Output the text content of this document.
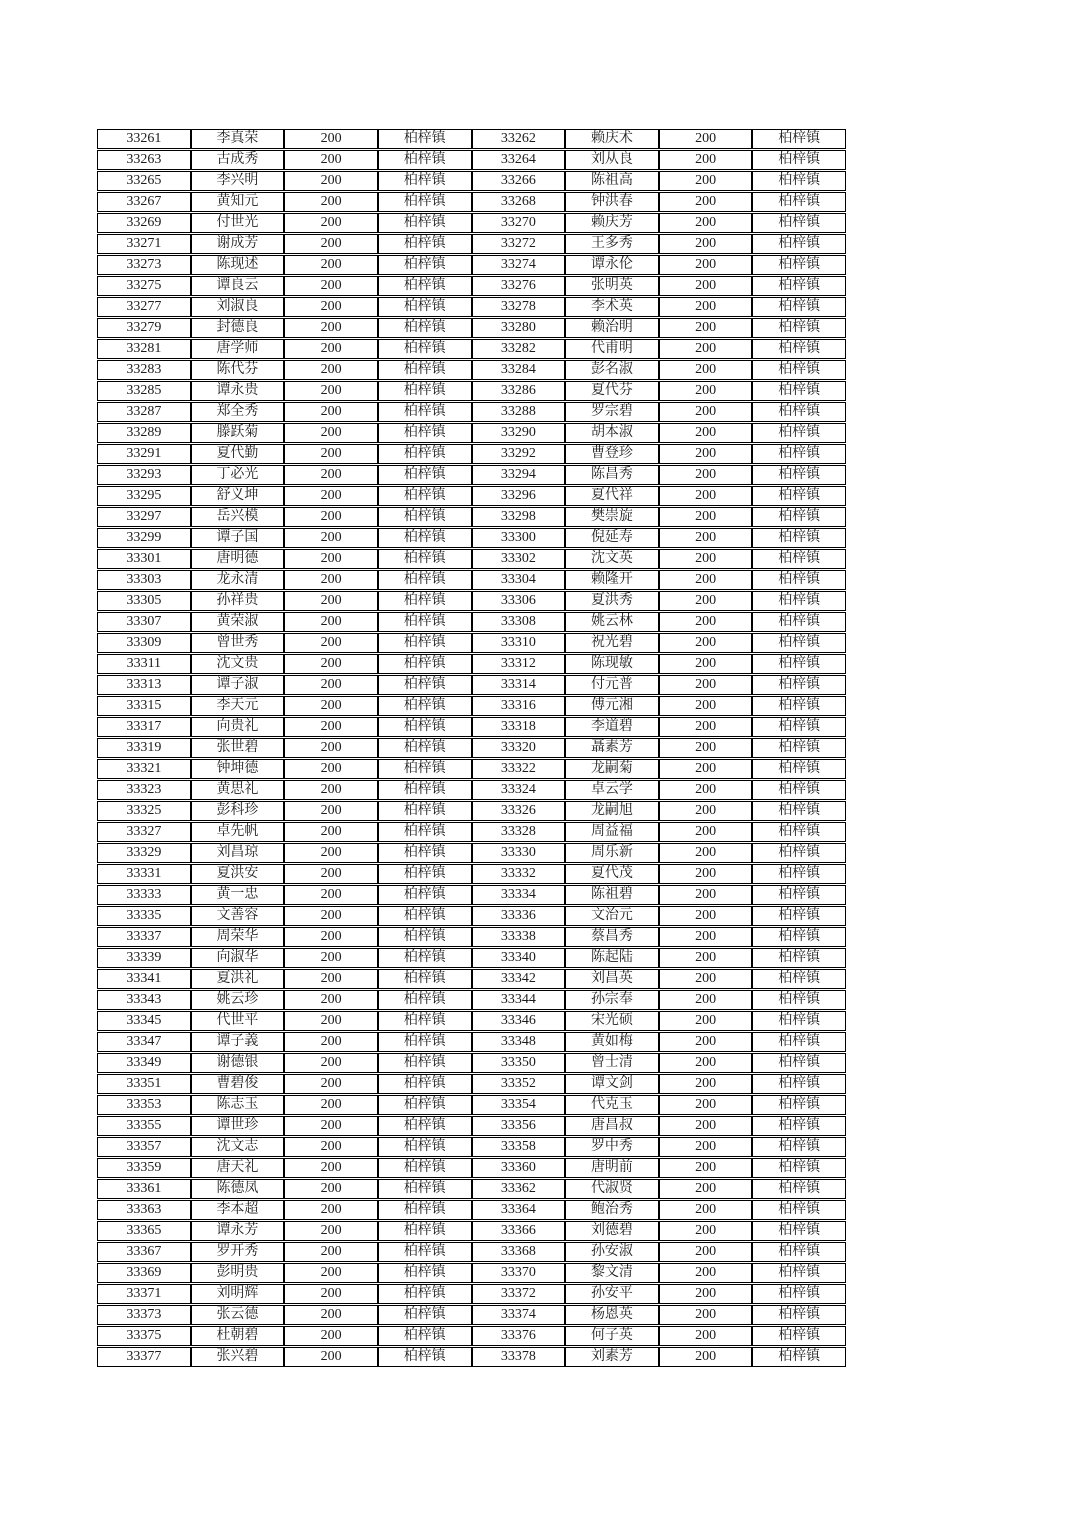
33261	李真荣	200	柏梓镇	33262	赖庆术	200	柏梓镇
33263	古成秀	200	柏梓镇	33264	刘从良	200	柏梓镇
33265	李兴明	200	柏梓镇	33266	陈祖高	200	柏梓镇
33267	黄知元	200	柏梓镇	33268	钟洪春	200	柏梓镇
33269	付世光	200	柏梓镇	33270	赖庆芳	200	柏梓镇
33271	谢成芳	200	柏梓镇	33272	王多秀	200	柏梓镇
33273	陈现述	200	柏梓镇	33274	谭永伦	200	柏梓镇
33275	谭良云	200	柏梓镇	33276	张明英	200	柏梓镇
33277	刘淑良	200	柏梓镇	33278	李术英	200	柏梓镇
33279	封德良	200	柏梓镇	33280	赖治明	200	柏梓镇
33281	唐学师	200	柏梓镇	33282	代甫明	200	柏梓镇
33283	陈代芬	200	柏梓镇	33284	彭名淑	200	柏梓镇
33285	谭永贵	200	柏梓镇	33286	夏代芬	200	柏梓镇
33287	郑全秀	200	柏梓镇	33288	罗宗碧	200	柏梓镇
33289	滕跃菊	200	柏梓镇	33290	胡本淑	200	柏梓镇
33291	夏代勤	200	柏梓镇	33292	曹登珍	200	柏梓镇
33293	丁必光	200	柏梓镇	33294	陈昌秀	200	柏梓镇
33295	舒义坤	200	柏梓镇	33296	夏代祥	200	柏梓镇
33297	岳兴模	200	柏梓镇	33298	樊崇旋	200	柏梓镇
33299	谭子国	200	柏梓镇	33300	倪延寿	200	柏梓镇
33301	唐明德	200	柏梓镇	33302	沈文英	200	柏梓镇
33303	龙永清	200	柏梓镇	33304	赖隆开	200	柏梓镇
33305	孙祥贵	200	柏梓镇	33306	夏洪秀	200	柏梓镇
33307	黄荣淑	200	柏梓镇	33308	姚云林	200	柏梓镇
33309	曾世秀	200	柏梓镇	33310	祝光碧	200	柏梓镇
33311	沈文贵	200	柏梓镇	33312	陈现敏	200	柏梓镇
33313	谭子淑	200	柏梓镇	33314	付元普	200	柏梓镇
33315	李天元	200	柏梓镇	33316	傅元湘	200	柏梓镇
33317	向贵礼	200	柏梓镇	33318	李道碧	200	柏梓镇
33319	张世碧	200	柏梓镇	33320	聶素芳	200	柏梓镇
33321	钟坤德	200	柏梓镇	33322	龙嗣菊	200	柏梓镇
33323	黄思礼	200	柏梓镇	33324	卓云学	200	柏梓镇
33325	彭科珍	200	柏梓镇	33326	龙嗣旭	200	柏梓镇
33327	卓先帆	200	柏梓镇	33328	周益福	200	柏梓镇
33329	刘昌琼	200	柏梓镇	33330	周乐新	200	柏梓镇
33331	夏洪安	200	柏梓镇	33332	夏代茂	200	柏梓镇
33333	黄一忠	200	柏梓镇	33334	陈祖碧	200	柏梓镇
33335	文善容	200	柏梓镇	33336	文治元	200	柏梓镇
33337	周荣华	200	柏梓镇	33338	蔡昌秀	200	柏梓镇
33339	向淑华	200	柏梓镇	33340	陈起陆	200	柏梓镇
33341	夏洪礼	200	柏梓镇	33342	刘昌英	200	柏梓镇
33343	姚云珍	200	柏梓镇	33344	孙宗奉	200	柏梓镇
33345	代世平	200	柏梓镇	33346	宋光硕	200	柏梓镇
33347	谭子義	200	柏梓镇	33348	黄如梅	200	柏梓镇
33349	谢德银	200	柏梓镇	33350	曾士清	200	柏梓镇
33351	曹碧俊	200	柏梓镇	33352	谭文剑	200	柏梓镇
33353	陈志玉	200	柏梓镇	33354	代克玉	200	柏梓镇
33355	谭世珍	200	柏梓镇	33356	唐昌叔	200	柏梓镇
33357	沈文志	200	柏梓镇	33358	罗中秀	200	柏梓镇
33359	唐天礼	200	柏梓镇	33360	唐明前	200	柏梓镇
33361	陈德凤	200	柏梓镇	33362	代淑贤	200	柏梓镇
33363	李本超	200	柏梓镇	33364	鲍治秀	200	柏梓镇
33365	谭永芳	200	柏梓镇	33366	刘德碧	200	柏梓镇
33367	罗开秀	200	柏梓镇	33368	孙安淑	200	柏梓镇
33369	彭明贵	200	柏梓镇	33370	黎文清	200	柏梓镇
33371	刘明辉	200	柏梓镇	33372	孙安平	200	柏梓镇
33373	张云德	200	柏梓镇	33374	杨恩英	200	柏梓镇
33375	杜朝碧	200	柏梓镇	33376	何子英	200	柏梓镇
33377	张兴碧	200	柏梓镇	33378	刘素芳	200	柏梓镇
